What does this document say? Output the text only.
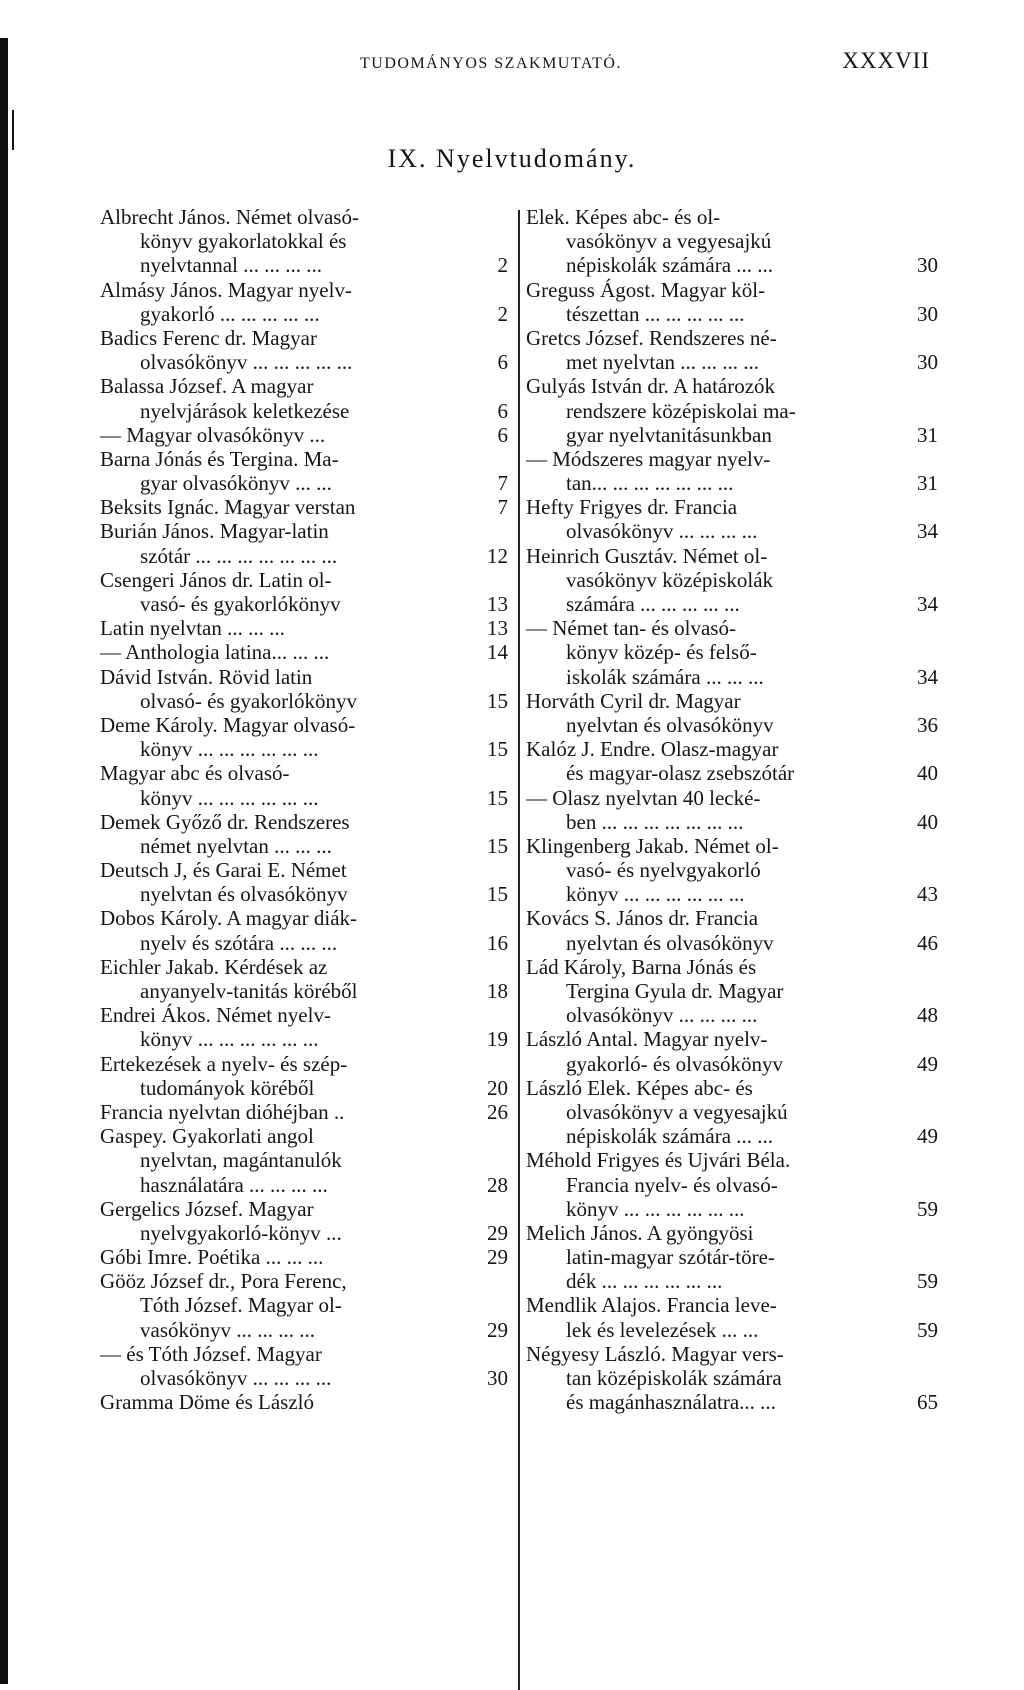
TUDOMÁNYOS SZAKMUTATÓ.	XXXVII
IX. Nyelvtudomány.
Albrecht János. Német olvasó-
könyv gyakorlatokkal és
nyelvtannal ... ... ... ...	2
Almásy János. Magyar nyelv-
gyakorló ... ... ... ... ...	2
Badics Ferenc dr. Magyar
olvasókönyv ... ... ... ... ...	6
Balassa József. A magyar
nyelvjárások keletkezése	6
— Magyar olvasókönyv ...	6
Barna Jónás és Tergina. Ma-
gyar olvasókönyv ... ...	7
Beksits Ignác. Magyar verstan	7
Burián János. Magyar-latin
szótár ... ... ... ... ... ... ...	12
Csengeri János dr. Latin ol-
vasó- és gyakorlókönyv	13
Latin nyelvtan ... ... ...	13
— Anthologia latina... ... ...	14
Dávid István. Rövid latin
olvasó- és gyakorlókönyv	15
Deme Károly. Magyar olvasó-
könyv ... ... ... ... ... ...	15
Magyar abc és olvasó-
könyv ... ... ... ... ... ...	15
Demek Győző dr. Rendszeres
német nyelvtan ... ... ...	15
Deutsch J, és Garai E. Német
nyelvtan és olvasókönyv	15
Dobos Károly. A magyar diák-
nyelv és szótára ... ... ...	16
Eichler Jakab. Kérdések az
anyanyelv-tanitás köréből	18
Endrei Ákos. Német nyelv-
könyv ... ... ... ... ... ...	19
Ertekezések a nyelv- és szép-
tudományok köréből	20
Francia nyelvtan dióhéjban ..	26
Gaspey. Gyakorlati angol
nyelvtan, magántanulók
használatára ... ... ... ...	28
Gergelics József. Magyar
nyelvgyakorló-könyv ...	29
Góbi Imre. Poétika ... ... ...	29
Gööz József dr., Pora Ferenc,
Tóth József. Magyar ol-
vasókönyv ... ... ... ...	29
— és Tóth József. Magyar
olvasókönyv ... ... ... ...	30
Gramma Döme és László
Elek. Képes abc- és ol-
vasókönyv a vegyesajkú
népiskolák számára ... ...	30
Greguss Ágost. Magyar köl-
tészettan ... ... ... ... ...	30
Gretcs József. Rendszeres né-
met nyelvtan ... ... ... ...	30
Gulyás István dr. A határozók
rendszere középiskolai ma-
gyar nyelvtanitásunkban	31
— Módszeres magyar nyelv-
tan... ... ... ... ... ... ...	31
Hefty Frigyes dr. Francia
olvasókönyv ... ... ... ...	34
Heinrich Gusztáv. Német ol-
vasókönyv középiskolák
számára ... ... ... ... ...	34
— Német tan- és olvasó-
könyv közép- és felső-
iskolák számára ... ... ...	34
Horváth Cyril dr. Magyar
nyelvtan és olvasókönyv	36
Kalóz J. Endre. Olasz-magyar
és magyar-olasz zsebszótár	40
— Olasz nyelvtan 40 lecké-
ben ... ... ... ... ... ... ...	40
Klingenberg Jakab. Német ol-
vasó- és nyelvgyakorló
könyv ... ... ... ... ... ...	43
Kovács S. János dr. Francia
nyelvtan és olvasókönyv	46
Lád Károly, Barna Jónás és
Tergina Gyula dr. Magyar
olvasókönyv ... ... ... ...	48
László Antal. Magyar nyelv-
gyakorló- és olvasókönyv	49
László Elek. Képes abc- és
olvasókönyv a vegyesajkú
népiskolák számára ... ...	49
Méhold Frigyes és Ujvári Béla.
Francia nyelv- és olvasó-
könyv ... ... ... ... ... ...	59
Melich János. A gyöngyösi
latin-magyar szótár-töre-
dék ... ... ... ... ... ...	59
Mendlik Alajos. Francia leve-
lek és levelezések ... ...	59
Négyesy László. Magyar vers-
tan középiskolák számára
és magánhasználatra... ...	65
